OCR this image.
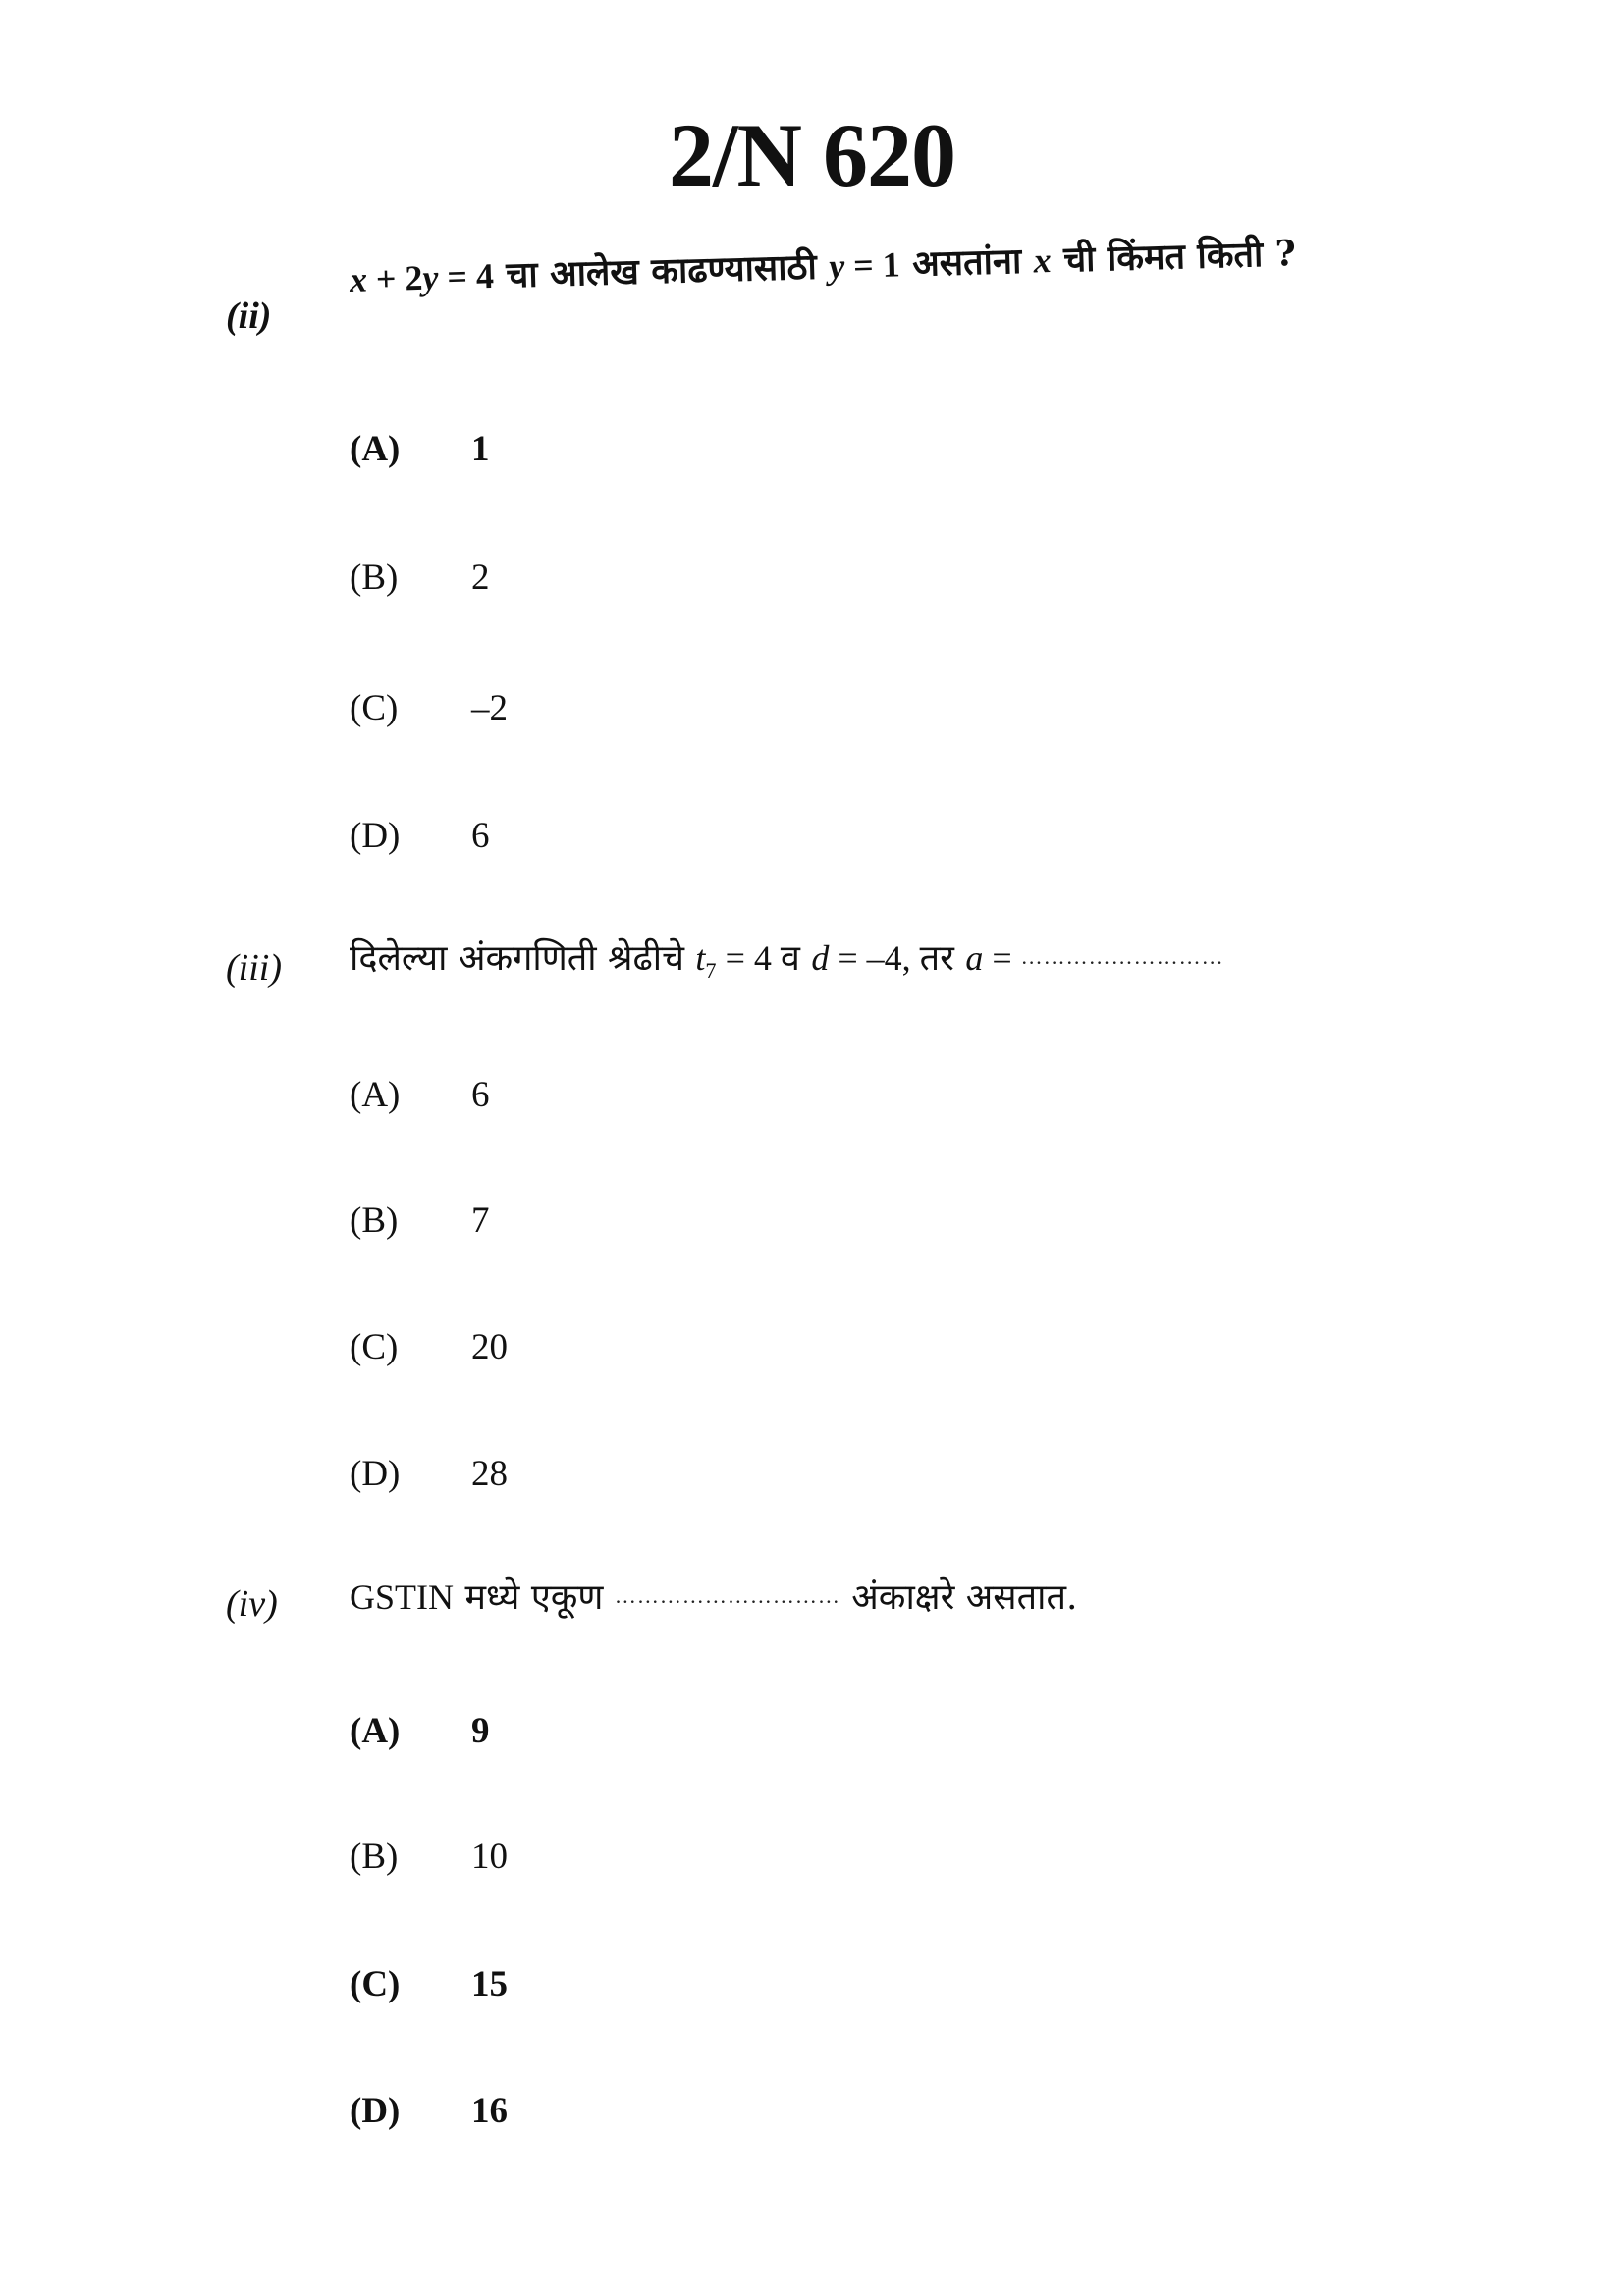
2/N 620
(ii)
x + 2y = 4 चा आलेख काढण्यासाठी y = 1 असतांना x ची किंमत किती ?
(A)	1
(B)	2
(C)	–2
(D)	6
(iii) दिलेल्या अंकगणिती श्रेढीचे $t_7 = 4$ व d = –4, तर a = ………………………
(A)	6
(B)	7
(C)	20
(D)	28
(iv) GSTIN मध्ये एकूण ………………………… अंकाक्षरे असतात.
(A)	9
(B)	10
(C)	15
(D)	16
